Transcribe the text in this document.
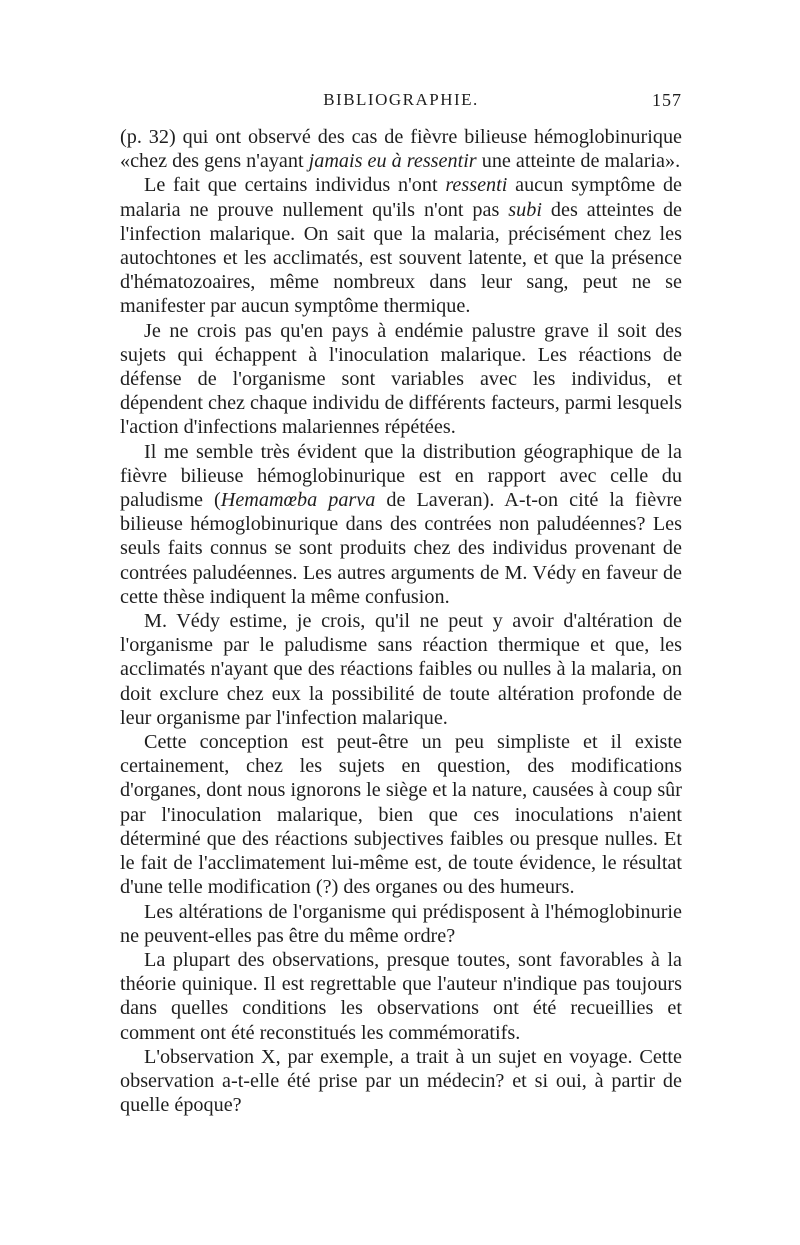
BIBLIOGRAPHIE.	157

(p. 32) qui ont observé des cas de fièvre bilieuse hémoglobinurique «chez des gens n'ayant jamais eu à ressentir une atteinte de malaria».

Le fait que certains individus n'ont ressenti aucun symptôme de malaria ne prouve nullement qu'ils n'ont pas subi des atteintes de l'infection malarique. On sait que la malaria, précisément chez les autochtones et les acclimatés, est souvent latente, et que la présence d'hématozoaires, même nombreux dans leur sang, peut ne se manifester par aucun symptôme thermique.

Je ne crois pas qu'en pays à endémie palustre grave il soit des sujets qui échappent à l'inoculation malarique. Les réactions de défense de l'organisme sont variables avec les individus, et dépendent chez chaque individu de différents facteurs, parmi lesquels l'action d'infections malariennes répétées.

Il me semble très évident que la distribution géographique de la fièvre bilieuse hémoglobinurique est en rapport avec celle du paludisme (Hemamœba parva de Laveran). A-t-on cité la fièvre bilieuse hémoglobinurique dans des contrées non paludéennes? Les seuls faits connus se sont produits chez des individus provenant de contrées paludéennes. Les autres arguments de M. Védy en faveur de cette thèse indiquent la même confusion.

M. Védy estime, je crois, qu'il ne peut y avoir d'altération de l'organisme par le paludisme sans réaction thermique et que, les acclimatés n'ayant que des réactions faibles ou nulles à la malaria, on doit exclure chez eux la possibilité de toute altération profonde de leur organisme par l'infection malarique.

Cette conception est peut-être un peu simpliste et il existe certainement, chez les sujets en question, des modifications d'organes, dont nous ignorons le siège et la nature, causées à coup sûr par l'inoculation malarique, bien que ces inoculations n'aient déterminé que des réactions subjectives faibles ou presque nulles. Et le fait de l'acclimatement lui-même est, de toute évidence, le résultat d'une telle modification (?) des organes ou des humeurs.

Les altérations de l'organisme qui prédisposent à l'hémoglobinurie ne peuvent-elles pas être du même ordre?

La plupart des observations, presque toutes, sont favorables à la théorie quinique. Il est regrettable que l'auteur n'indique pas toujours dans quelles conditions les observations ont été recueillies et comment ont été reconstitués les commémoratifs.

L'observation X, par exemple, a trait à un sujet en voyage. Cette observation a-t-elle été prise par un médecin? et si oui, à partir de quelle époque?
